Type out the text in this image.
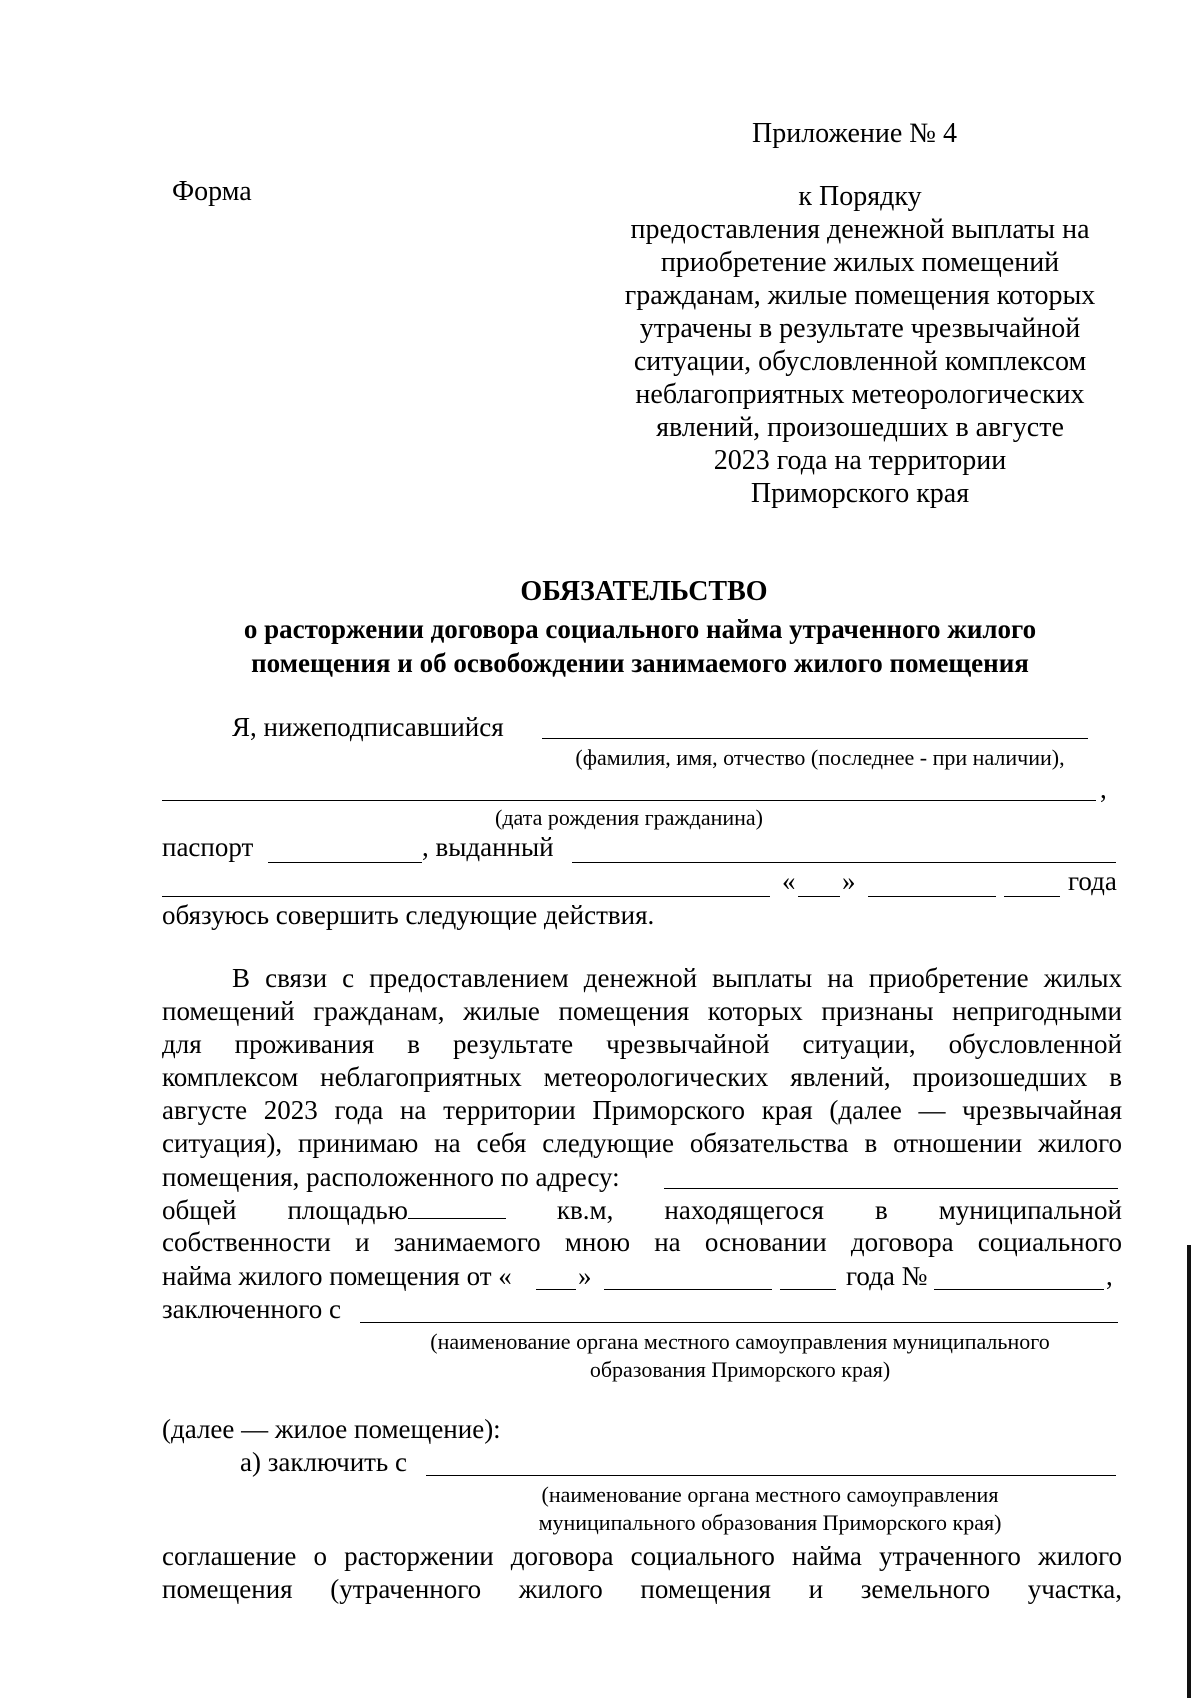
Приложение № 4
Форма	к Порядку
предоставления денежной выплаты на
приобретение жилых помещений
гражданам, жилые помещения которых
утрачены в результате чрезвычайной
ситуации, обусловленной комплексом
неблагоприятных метеорологических
явлений, произошедших в августе
2023 года на территории
Приморского края
ОБЯЗАТЕЛЬСТВО
о расторжении договора социального найма утраченного жилого
помещения и об освобождении занимаемого жилого помещения
Я, нижеподписавшийся
(фамилия, имя, отчество (последнее - при наличии),
,
(дата рождения гражданина)
паспорт	, выданный
« »	года
обязуюсь совершить следующие действия.
В связи с предоставлением денежной выплаты на приобретение жилых
помещений гражданам, жилые помещения которых признаны непригодными
для проживания в результате чрезвычайной ситуации, обусловленной
комплексом неблагоприятных метеорологических явлений, произошедших в
августе 2023 года на территории Приморского края (далее — чрезвычайная
ситуация), принимаю на себя следующие обязательства в отношении жилого
помещения, расположенного по адресу:
общей площадью	кв.м, находящегося в муниципальной
собственности и занимаемого мною на основании договора социального
найма жилого помещения от « »	года №	,
заключенного с
(наименование органа местного самоуправления муниципального
образования Приморского края)
(далее — жилое помещение):
а) заключить с
(наименование органа местного самоуправления
муниципального образования Приморского края)
соглашение о расторжении договора социального найма утраченного жилого
помещения (утраченного жилого помещения и земельного участка,
